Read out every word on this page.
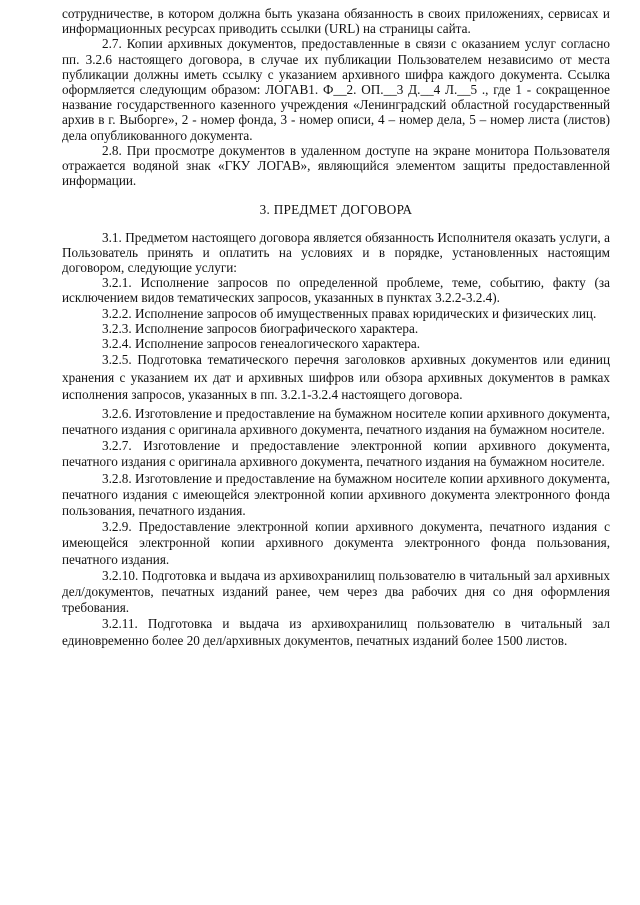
сотрудничестве, в котором должна быть указана обязанность в своих приложениях, сервисах и информационных ресурсах приводить ссылки (URL) на страницы сайта.

2.7. Копии архивных документов, предоставленные в связи с оказанием услуг согласно пп. 3.2.6 настоящего договора, в случае их публикации Пользователем независимо от места публикации должны иметь ссылку с указанием архивного шифра каждого документа. Ссылка оформляется следующим образом: ЛОГАВ1. Ф__2. ОП.__3 Д.__4 Л.__5 ., где 1 - сокращенное название государственного казенного учреждения «Ленинградский областной государственный архив в г. Выборге», 2 - номер фонда, 3 - номер описи, 4 – номер дела, 5 – номер листа (листов) дела опубликованного документа.

2.8. При просмотре документов в удаленном доступе на экране монитора Пользователя отражается водяной знак «ГКУ ЛОГАВ», являющийся элементом защиты предоставленной информации.

3. ПРЕДМЕТ ДОГОВОРА

3.1. Предметом настоящего договора является обязанность Исполнителя оказать услуги, а Пользователь принять и оплатить на условиях и в порядке, установленных настоящим договором, следующие услуги:

3.2.1. Исполнение запросов по определенной проблеме, теме, событию, факту (за исключением видов тематических запросов, указанных в пунктах 3.2.2-3.2.4).

3.2.2. Исполнение запросов об имущественных правах юридических и физических лиц.

3.2.3. Исполнение запросов биографического характера.

3.2.4. Исполнение запросов генеалогического характера.

3.2.5. Подготовка тематического перечня заголовков архивных документов или единиц хранения с указанием их дат и архивных шифров или обзора архивных документов в рамках исполнения запросов, указанных в пп. 3.2.1-3.2.4 настоящего договора.

3.2.6. Изготовление и предоставление на бумажном носителе копии архивного документа, печатного издания с оригинала архивного документа, печатного издания на бумажном носителе.

3.2.7. Изготовление и предоставление электронной копии архивного документа, печатного издания с оригинала архивного документа, печатного издания на бумажном носителе.

3.2.8. Изготовление и предоставление на бумажном носителе копии архивного документа, печатного издания с имеющейся электронной копии архивного документа электронного фонда пользования, печатного издания.

3.2.9. Предоставление электронной копии архивного документа, печатного издания с имеющейся электронной копии архивного документа электронного фонда пользования, печатного издания.

3.2.10. Подготовка и выдача из архивохранилищ пользователю в читальный зал архивных дел/документов, печатных изданий ранее, чем через два рабочих дня со дня оформления требования.

3.2.11. Подготовка и выдача из архивохранилищ пользователю в читальный зал единовременно более 20 дел/архивных документов, печатных изданий более 1500 листов.
